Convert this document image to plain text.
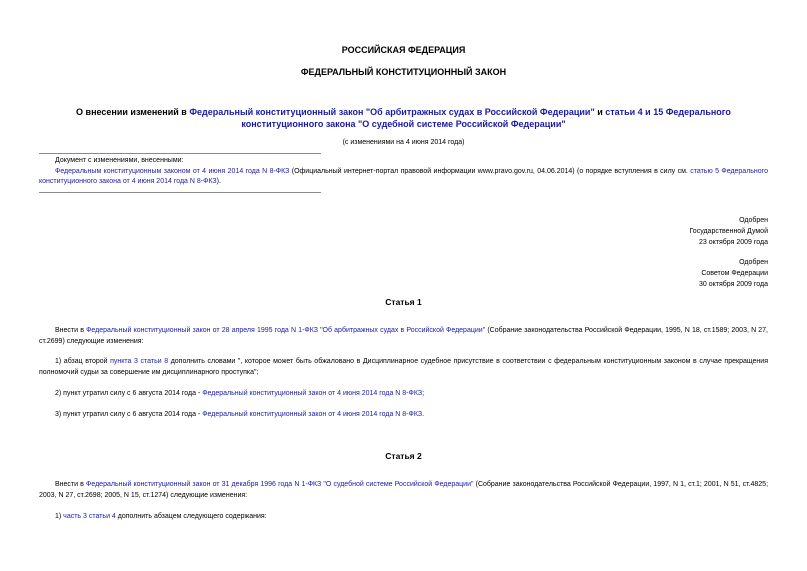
РОССИЙСКАЯ ФЕДЕРАЦИЯ
ФЕДЕРАЛЬНЫЙ КОНСТИТУЦИОННЫЙ ЗАКОН
О внесении изменений в Федеральный конституционный закон "Об арбитражных судах в Российской Федерации" и статьи 4 и 15 Федерального конституционного закона "О судебной системе Российской Федерации"
(с изменениями на 4 июня 2014 года)
Документ с изменениями, внесенными:
Федеральным конституционным законом от 4 июня 2014 года N 8-ФКЗ (Официальный интернет-портал правовой информации www.pravo.gov.ru, 04.06.2014) (о порядке вступления в силу см. статью 5 Федерального конституционного закона от 4 июня 2014 года N 8-ФКЗ).
Одобрен
Государственной Думой
23 октября 2009 года
Одобрен
Советом Федерации
30 октября 2009 года
Статья 1
Внести в Федеральный конституционный закон от 28 апреля 1995 года N 1-ФКЗ "Об арбитражных судах в Российской Федерации" (Собрание законодательства Российской Федерации, 1995, N 18, ст.1589; 2003, N 27, ст.2699) следующие изменения:
1) абзац второй пункта 3 статьи 8 дополнить словами ", которое может быть обжаловано в Дисциплинарное судебное присутствие в соответствии с федеральным конституционным законом в случае прекращения полномочий судьи за совершение им дисциплинарного проступка";
2) пункт утратил силу с 6 августа 2014 года - Федеральный конституционный закон от 4 июня 2014 года N 8-ФКЗ;
3) пункт утратил силу с 6 августа 2014 года - Федеральный конституционный закон от 4 июня 2014 года N 8-ФКЗ.
Статья 2
Внести в Федеральный конституционный закон от 31 декабря 1996 года N 1-ФКЗ "О судебной системе Российской Федерации" (Собрание законодательства Российской Федерации, 1997, N 1, ст.1; 2001, N 51, ст.4825; 2003, N 27, ст.2698; 2005, N 15, ст.1274) следующие изменения:
1) часть 3 статьи 4 дополнить абзацем следующего содержания:
